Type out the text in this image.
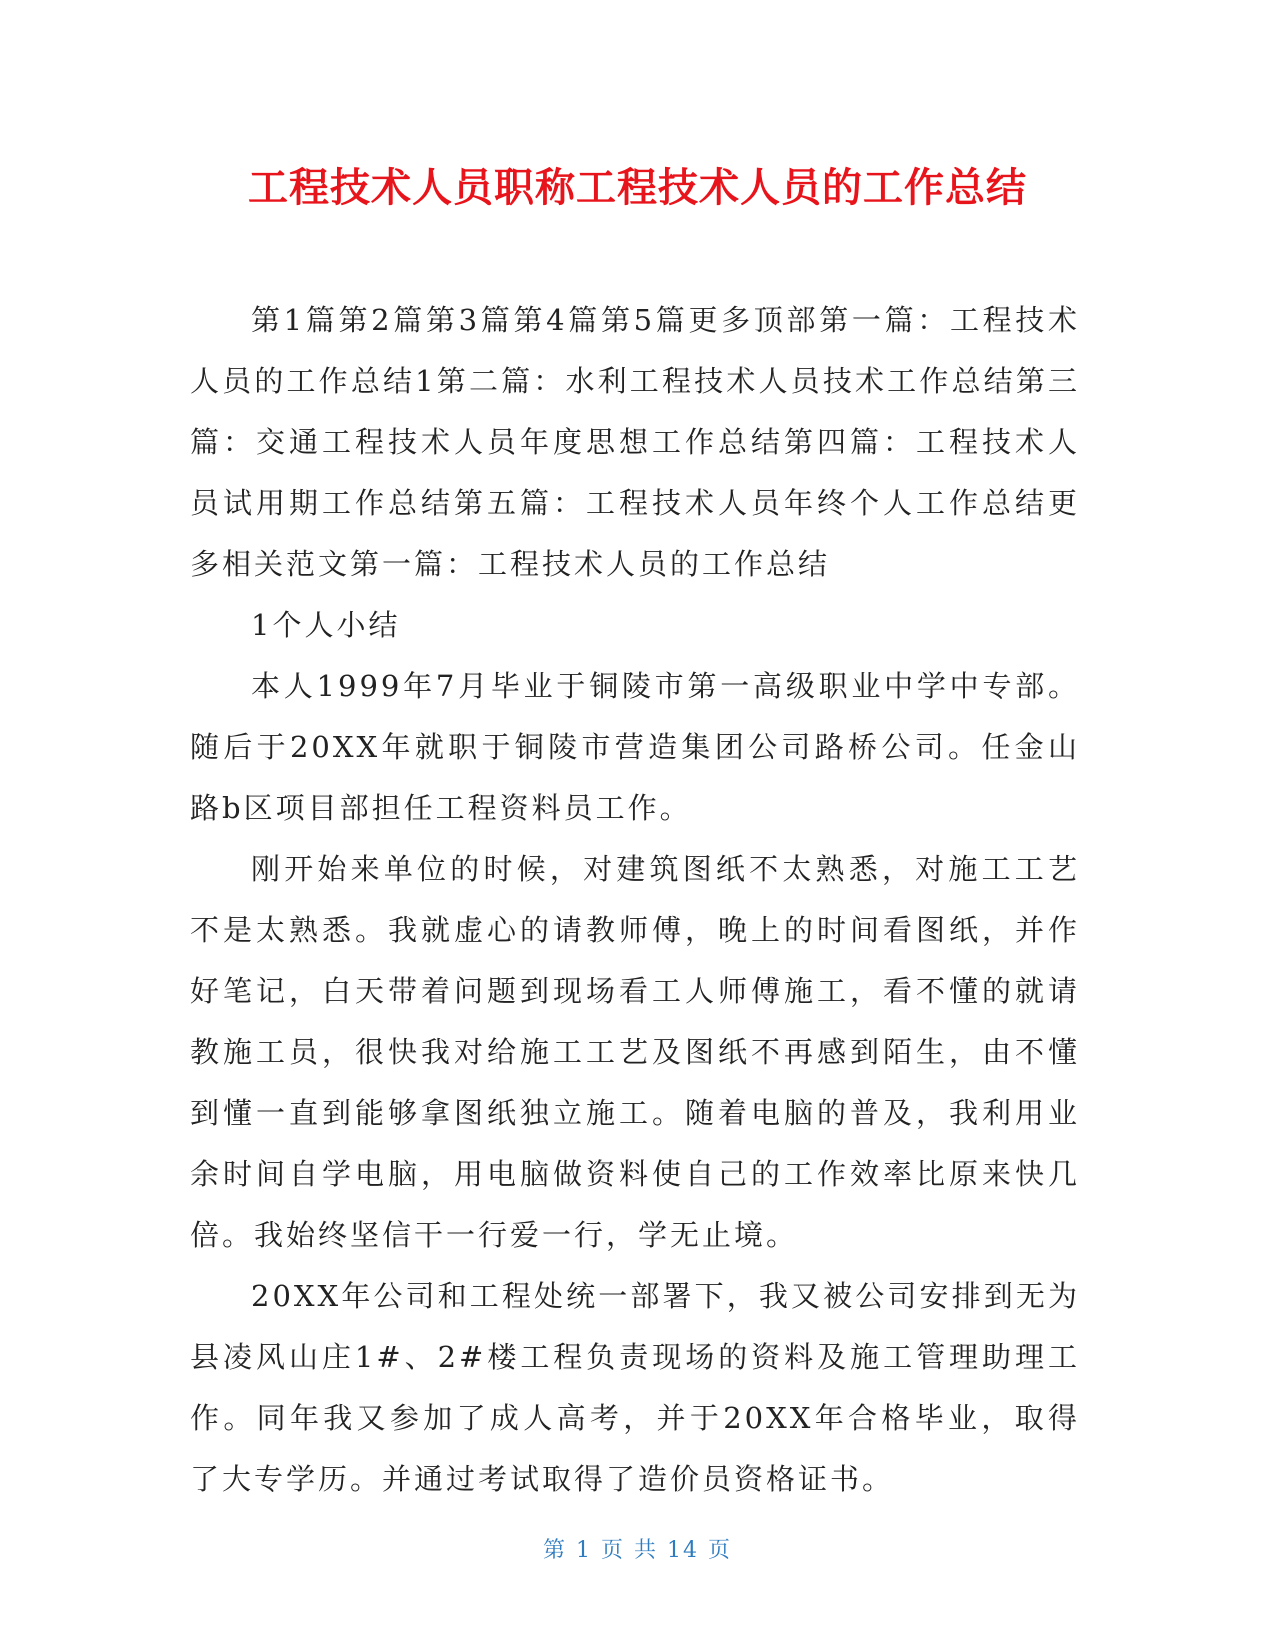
工程技术人员职称工程技术人员的工作总结

第1篇第2篇第3篇第4篇第5篇更多顶部第一篇：工程技术人员的工作总结1第二篇：水利工程技术人员技术工作总结第三篇：交通工程技术人员年度思想工作总结第四篇：工程技术人员试用期工作总结第五篇：工程技术人员年终个人工作总结更多相关范文第一篇：工程技术人员的工作总结

1个人小结

本人1999年7月毕业于铜陵市第一高级职业中学中专部。随后于20XX年就职于铜陵市营造集团公司路桥公司。任金山路b区项目部担任工程资料员工作。

刚开始来单位的时候，对建筑图纸不太熟悉，对施工工艺不是太熟悉。我就虚心的请教师傅，晚上的时间看图纸，并作好笔记，白天带着问题到现场看工人师傅施工，看不懂的就请教施工员，很快我对给施工工艺及图纸不再感到陌生，由不懂到懂一直到能够拿图纸独立施工。随着电脑的普及，我利用业余时间自学电脑，用电脑做资料使自己的工作效率比原来快几倍。我始终坚信干一行爱一行，学无止境。

20XX年公司和工程处统一部署下，我又被公司安排到无为县凌风山庄1#、2#楼工程负责现场的资料及施工管理助理工作。同年我又参加了成人高考，并于20XX年合格毕业，取得了大专学历。并通过考试取得了造价员资格证书。

第 1 页 共 14 页
